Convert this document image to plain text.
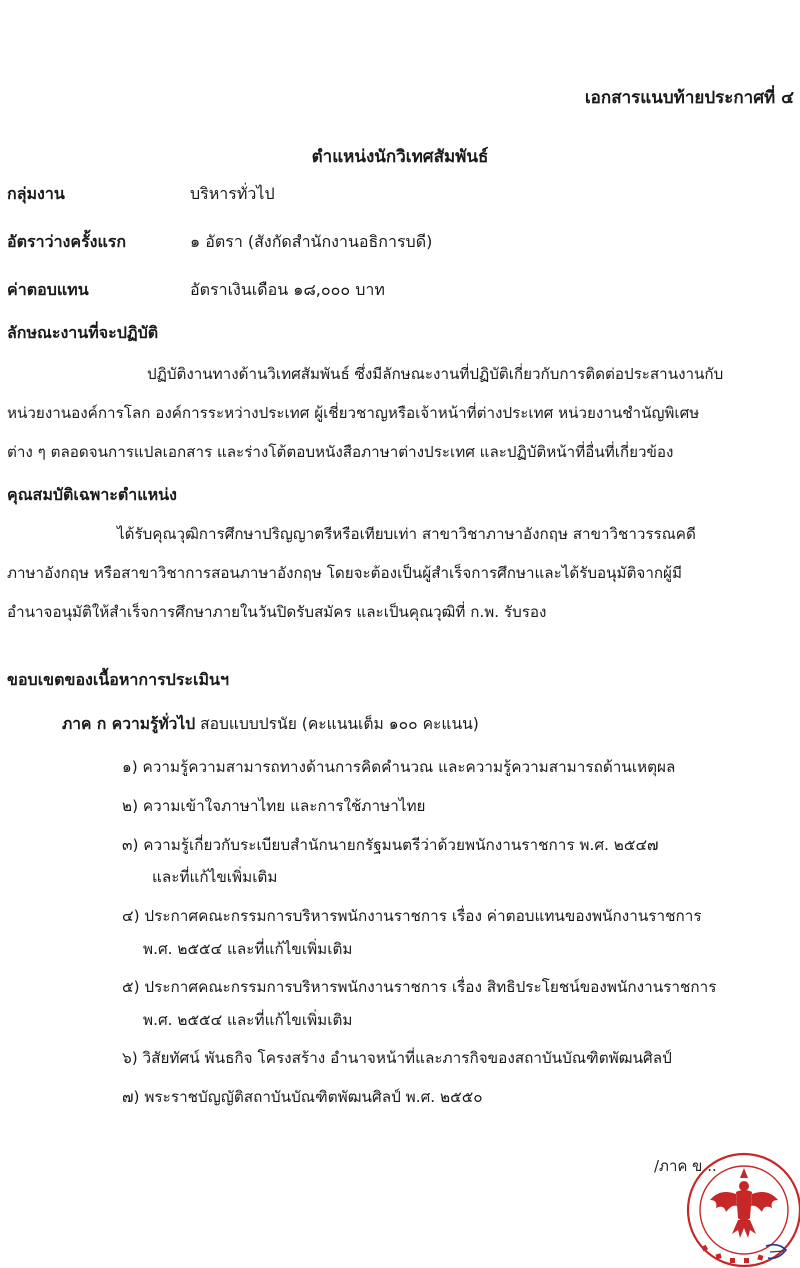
เอกสารแนบท้ายประกาศที่ ๔
ตำแหน่งนักวิเทศสัมพันธ์
กลุ่มงาน	บริหารทั่วไป
อัตราว่างครั้งแรก	๑ อัตรา (สังกัดสำนักงานอธิการบดี)
ค่าตอบแทน	อัตราเงินเดือน ๑๘,๐๐๐ บาท
ลักษณะงานที่จะปฏิบัติ
ปฏิบัติงานทางด้านวิเทศสัมพันธ์ ซึ่งมีลักษณะงานที่ปฏิบัติเกี่ยวกับการติดต่อประสานงานกับ
หน่วยงานองค์การโลก องค์การระหว่างประเทศ ผู้เชี่ยวชาญหรือเจ้าหน้าที่ต่างประเทศ หน่วยงานชำนัญพิเศษ
ต่าง ๆ ตลอดจนการแปลเอกสาร และร่างโต้ตอบหนังสือภาษาต่างประเทศ และปฏิบัติหน้าที่อื่นที่เกี่ยวข้อง
คุณสมบัติเฉพาะตำแหน่ง
ได้รับคุณวุฒิการศึกษาปริญญาตรีหรือเทียบเท่า สาขาวิชาภาษาอังกฤษ สาขาวิชาวรรณคดี
ภาษาอังกฤษ หรือสาขาวิชาการสอนภาษาอังกฤษ โดยจะต้องเป็นผู้สำเร็จการศึกษาและได้รับอนุมัติจากผู้มี
อำนาจอนุมัติให้สำเร็จการศึกษาภายในวันปิดรับสมัคร และเป็นคุณวุฒิที่ ก.พ. รับรอง
ขอบเขตของเนื้อหาการประเมินฯ
ภาค ก ความรู้ทั่วไป สอบแบบปรนัย (คะแนนเต็ม ๑๐๐ คะแนน)
๑) ความรู้ความสามารถทางด้านการคิดคำนวณ และความรู้ความสามารถด้านเหตุผล
๒) ความเข้าใจภาษาไทย และการใช้ภาษาไทย
๓) ความรู้เกี่ยวกับระเบียบสำนักนายกรัฐมนตรีว่าด้วยพนักงานราชการ พ.ศ. ๒๕๔๗
และที่แก้ไขเพิ่มเติม
๔) ประกาศคณะกรรมการบริหารพนักงานราชการ เรื่อง ค่าตอบแทนของพนักงานราชการ
พ.ศ. ๒๕๕๔ และที่แก้ไขเพิ่มเติม
๕) ประกาศคณะกรรมการบริหารพนักงานราชการ เรื่อง สิทธิประโยชน์ของพนักงานราชการ
พ.ศ. ๒๕๕๔ และที่แก้ไขเพิ่มเติม
๖) วิสัยทัศน์ พันธกิจ โครงสร้าง อำนาจหน้าที่และภารกิจของสถาบันบัณฑิตพัฒนศิลป์
๗) พระราชบัญญัติสถาบันบัณฑิตพัฒนศิลป์ พ.ศ. ๒๕๕๐
/ภาค ข...
